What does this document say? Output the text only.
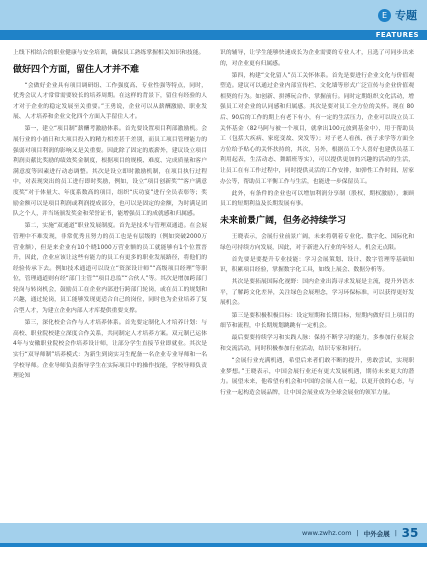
E 专题
FEATURES

上线下相结合的职业健康与安全培训，确保员工熟练掌握相关知识和技能。

做好四个方面，留住人才并不难

“会做好企业具有项目调研组、工作强度高、专业性强等特点，同时，优秀会议人才常常需要较长的培养周期。在这样的背景下，留住有经验的人才对于企业的稳定发展至关重要。”王勇说，企业可以从薪酬激励、职业发展、人才培养和企业文化四个方面入手留住人才。

第一，建立“项目制”薪酬考激励体系。首先要设置项目利部激励机。会展行业的小浦日和大项目投入的精力相差甚千差别，而员工项目管理能力的强弱对项目利润的影响又是关重要。因此除了固定的底薪外，建议设立项目利润贡献比奖励的绩效奖金制度，根据项目的规模、难度、完成质量和客户满意度等因素进行动态调整。其次是设立即时激励机制，在项目执行过程中，对表现突出的员工进行即时奖励，例如，设立“项目创新奖”“客户满意度奖”对于体量大、年度系数高的项目，组织“庆功宴”进行全员表彰等；奖励金额可以是项目利润或利润提成部分，也可以是固定的金额，为时满足团队之个人，并当场颁发奖金和荣誉证书，能增强员工的成就感和归属感。

第二，实施“双通道”职业发展制度。首先是技术与管理双通道。在会展管理中不难发现，非常优秀且努力的员工也是有层级的（例如突破2000万营业额），但是来企业有10个晓1000万营业额的员工就能够有1个位置晋升，因此，企业应该让这些有能力的员工有更多的职业发展路径，将他们的经验传承下去。例如技术通道可以设立“资深设计师”“高级项目经理”等职位，管理通道则有经“部门主管”“项目总监”“合伙人”等。其次是增加跨部门轮岗与转岗机会，鼓励员工在企业内部进行跨部门轮岗，或在员工的规划和兴趣，通过轮岗，员工能够发现更适合自己的岗位，同时也为企业培养了复合型人才，为建立企业内部人才库提供重要支撑。

第三，深化校企合作与人才培养体系。首先要定制化人才培养计划：与高校、职业院校建立深度合作关系，共同制定人才培养方案。双元制已运体4年与安徽职业院校会作培养设计师，让部分学生直接节业即就业。其次是实行“双导师制”培养模式：为新生到岗实习生配备一名企业专业导师和一名学校导师。企业导师负责指导学生在实际项目中的操作技能，学校导师负责理论知

识的辅导，让学生能够快速成长为企业需要的专业人才，且选了可同步出来的，对企业更有归属感。

第四，构建“文化留人”员工关怀体系。首先是要进行企业文化与价值观塑造。建议可以通过企业内部宣传栏、文化墙等形式广泛宣传与企业价值观相契的行为。如创新、拼搏玩合作、掌握前行。同时定期组织文化活动，增强员工对企业的认同感和归属感。其次是要对员工全方位的关怀。现在 80后、90后的工作的期上有老下有小，有一定的生活压力，企业可以设立员工关怀基金（82马阿与被一个项目，就拿出100元放到基金中），用于帮助员工（包括大疾病、家庭变故、突发等）；对子老人看孩、孩子求学等方面全方位给予贴心的关怀扶持的，其次，另外，根据员工个人喜好也建供员基工利用起表，生活动态、舞蹈班等实），可以提供更加的兴趣的活动的生活，让员工在有工作过程中，同时提供灵活的工作安排，如弹性工作时间、居家办公等，帮助员工平衡工作与生活，也能进一步保留员工。

此外，有条件的企业也可以增加利润分享制（股权、期权激励），兼顾员工的短期利益及长期发展有事。

未来前景广阔，但务必持续学习

王晓表示，会展行业前景广阔，未来将朝着专业化、数字化、国际化和绿色可持续方向发展，因此，对于新进入行业的年轻人，机会无点限。

首先要是要提升专业技能：学习会展策划、设计、数字管理等基础知识，积累项目经验，掌握数字化工具，如线上展会、数据分析等。

其次是要拓展国际化视野：国内企业出海寻求发展是主流，提升外语水平，了解跨文化差异，关注绿色会展理念，学习环保标准，可以获得更好发展机会。

第三是要积极积极目标：设定短期和长期目标，短期内做好目上项目的细节和流程，中长期规划跳跳有一定机会。

最后要要持续学习和实践人脉：保持不断学习的能力，多参加行业展会和交流活动，同时积极参加行业活动，结识专家和同行。

“会展行业充满机遇，希望后来者们敢不断的提升，勇敢尝试，实现职业梦想。”王晓表示，中国会展行业还有更大发展机遇，期待未来更大的潜力。展望未来，他希望有机会和中国的会展人在一起，以更开放的心态，与行业一起构造会展品牌，让中国会展业成为全球会展业的领军力量。

www.zwhz.com | 中外会展 | 35
